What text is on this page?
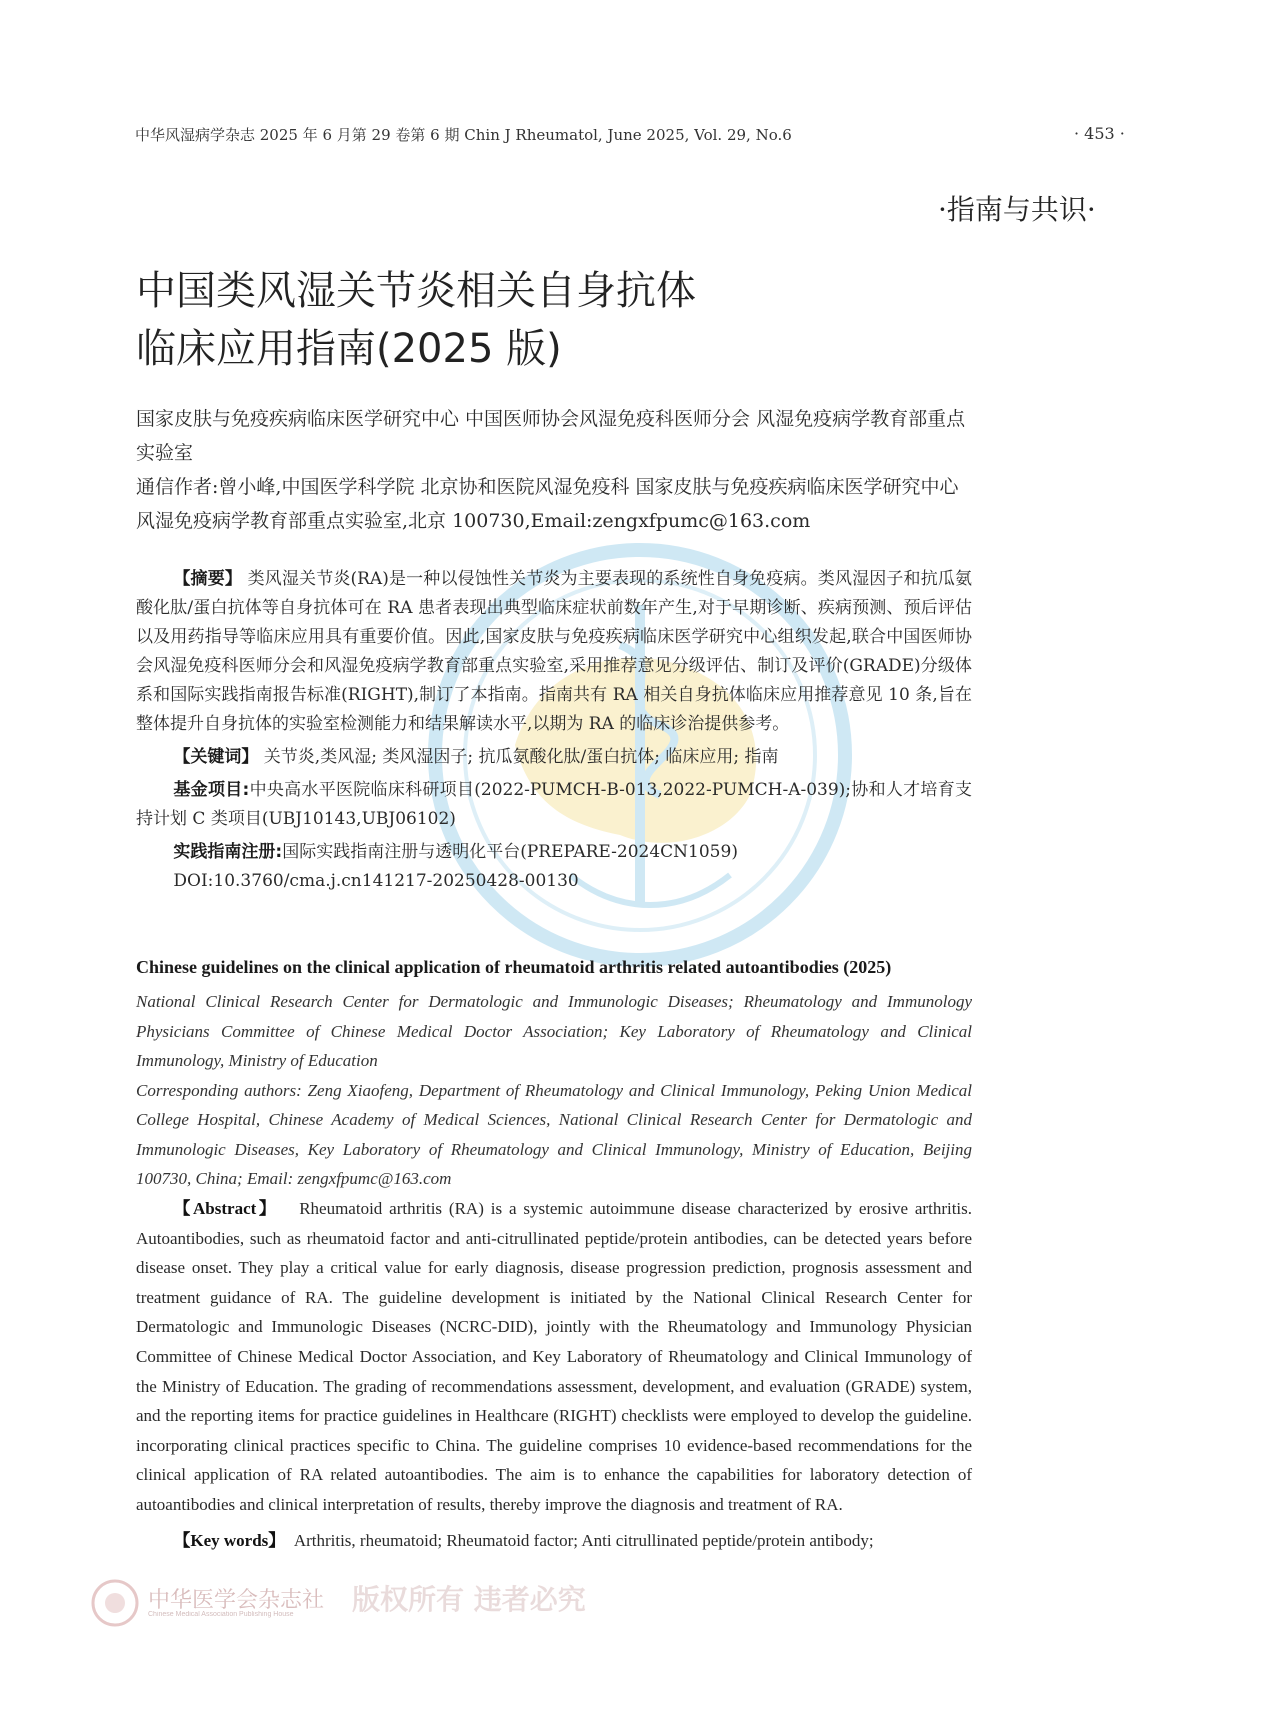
中华风湿病学杂志 2025 年 6 月第 29 卷第 6 期 Chin J Rheumatol, June 2025, Vol. 29, No.6	· 453 ·
·指南与共识·
中国类风湿关节炎相关自身抗体
临床应用指南(2025 版)
国家皮肤与免疫疾病临床医学研究中心 中国医师协会风湿免疫科医师分会 风湿免疫病学教育部重点实验室
通信作者:曾小峰,中国医学科学院 北京协和医院风湿免疫科 国家皮肤与免疫疾病临床医学研究中心 风湿免疫病学教育部重点实验室,北京 100730,Email:zengxfpumc@163.com

【摘要】 类风湿关节炎(RA)是一种以侵蚀性关节炎为主要表现的系统性自身免疫病。类风湿因子和抗瓜氨酸化肽/蛋白抗体等自身抗体可在 RA 患者表现出典型临床症状前数年产生,对于早期诊断、疾病预测、预后评估以及用药指导等临床应用具有重要价值。因此,国家皮肤与免疫疾病临床医学研究中心组织发起,联合中国医师协会风湿免疫科医师分会和风湿免疫病学教育部重点实验室,采用推荐意见分级评估、制订及评价(GRADE)分级体系和国际实践指南报告标准(RIGHT),制订了本指南。指南共有 RA 相关自身抗体临床应用推荐意见 10 条,旨在整体提升自身抗体的实验室检测能力和结果解读水平,以期为 RA 的临床诊治提供参考。

【关键词】 关节炎,类风湿; 类风湿因子; 抗瓜氨酸化肽/蛋白抗体; 临床应用; 指南

基金项目:中央高水平医院临床科研项目(2022-PUMCH-B-013,2022-PUMCH-A-039);协和人才培育支持计划 C 类项目(UBJ10143,UBJ06102)

实践指南注册:国际实践指南注册与透明化平台(PREPARE-2024CN1059)

DOI:10.3760/cma.j.cn141217-20250428-00130

Chinese guidelines on the clinical application of rheumatoid arthritis related autoantibodies (2025)
National Clinical Research Center for Dermatologic and Immunologic Diseases; Rheumatology and Immunology Physicians Committee of Chinese Medical Doctor Association; Key Laboratory of Rheumatology and Clinical Immunology, Ministry of Education
Corresponding authors: Zeng Xiaofeng, Department of Rheumatology and Clinical Immunology, Peking Union Medical College Hospital, Chinese Academy of Medical Sciences, National Clinical Research Center for Dermatologic and Immunologic Diseases, Key Laboratory of Rheumatology and Clinical Immunology, Ministry of Education, Beijing 100730, China; Email: zengxfpumc@163.com

【Abstract】 Rheumatoid arthritis (RA) is a systemic autoimmune disease characterized by erosive arthritis. Autoantibodies, such as rheumatoid factor and anti-citrullinated peptide/protein antibodies, can be detected years before disease onset. They play a critical value for early diagnosis, disease progression prediction, prognosis assessment and treatment guidance of RA. The guideline development is initiated by the National Clinical Research Center for Dermatologic and Immunologic Diseases (NCRC-DID), jointly with the Rheumatology and Immunology Physician Committee of Chinese Medical Doctor Association, and Key Laboratory of Rheumatology and Clinical Immunology of the Ministry of Education. The grading of recommendations assessment, development, and evaluation (GRADE) system, and the reporting items for practice guidelines in Healthcare (RIGHT) checklists were employed to develop the guideline. incorporating clinical practices specific to China. The guideline comprises 10 evidence-based recommendations for the clinical application of RA related autoantibodies. The aim is to enhance the capabilities for laboratory detection of autoantibodies and clinical interpretation of results, thereby improve the diagnosis and treatment of RA.

【Key words】 Arthritis, rheumatoid; Rheumatoid factor; Anti citrullinated peptide/protein antibody;

中华医学会杂志社
Chinese Medical Association Publishing House 版权所有 违者必究
